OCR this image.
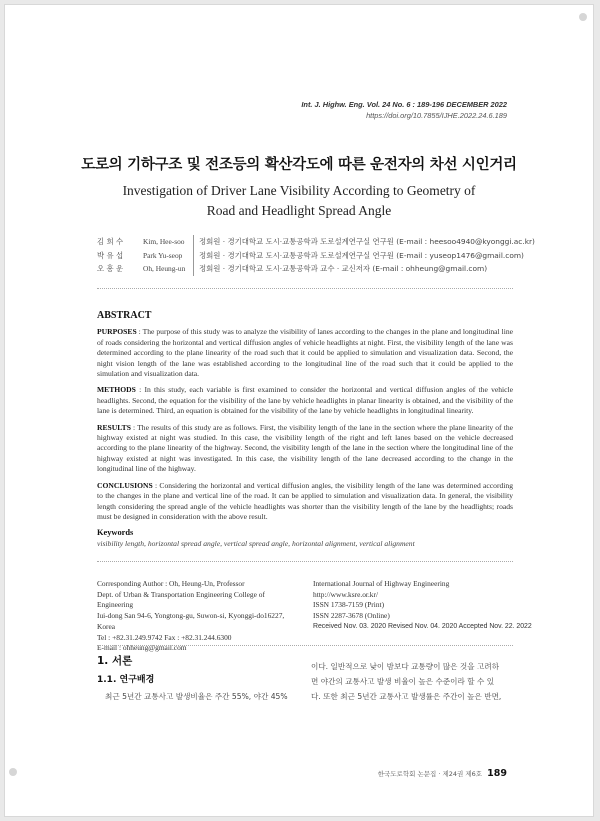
Int. J. Highw. Eng. Vol. 24 No. 6 : 189-196 DECEMBER 2022
https://doi.org/10.7855/IJHE.2022.24.6.189
도로의 기하구조 및 전조등의 확산각도에 따른 운전자의 차선 시인거리
Investigation of Driver Lane Visibility According to Geometry of
Road and Headlight Spread Angle
김 희 수	Kim, Hee-soo	정회원 · 경기대학교 도시·교통공학과 도로설계연구실 연구원 (E-mail : heesoo4940@kyonggi.ac.kr)
박 유 섭	Park Yu-seop	정회원 · 경기대학교 도시·교통공학과 도로설계연구실 연구원 (E-mail : yuseop1476@gmail.com)
오 흥 운	Oh, Heung-un	정회원 · 경기대학교 도시·교통공학과 교수 · 교신저자 (E-mail : ohheung@gmail.com)
ABSTRACT

PURPOSES : The purpose of this study was to analyze the visibility of lanes according to the changes in the plane and longitudinal line of roads considering the horizontal and vertical diffusion angles of vehicle headlights at night. First, the visibility length of the lane was determined according to the plane linearity of the road such that it could be applied to simulation and visualization data. Second, the night vision length of the lane was established according to the longitudinal line of the road such that it could be applied to the simulation and visualization data.

METHODS : In this study, each variable is first examined to consider the horizontal and vertical diffusion angles of the vehicle headlights. Second, the equation for the visibility of the lane by vehicle headlights in planar linearity is obtained, and the visibility of the lane is determined. Third, an equation is obtained for the visibility of the lane by vehicle headlights in longitudinal linearity.

RESULTS : The results of this study are as follows. First, the visibility length of the lane in the section where the plane linearity of the highway existed at night was studied. In this case, the visibility length of the right and left lanes based on the vehicle decreased according to the plane linearity of the highway. Second, the visibility length of the lane in the section where the longitudinal line of the highway existed at night was investigated. In this case, the visibility length of the lane decreased according to the change in the longitudinal line of the highway.

CONCLUSIONS : Considering the horizontal and vertical diffusion angles, the visibility length of the lane was determined according to the changes in the plane and vertical line of the road. It can be applied to simulation and visualization data. In general, the visibility length considering the spread angle of the vehicle headlights was shorter than the visibility length of the lane by the headlights; roads must be designed in consideration with the above result.

Keywords
visibility length, horizontal spread angle, vertical spread angle, horizontal alignment, vertical alignment
Corresponding Author : Oh, Heung-Un, Professor
Dept. of Urban & Transportation Engineering College of Engineering
Iui-dong San 94-6, Yongtong-gu, Suwon-si, Kyonggi-do16227, Korea
Tel : +82.31.249.9742 Fax : +82.31.244.6300
E-mail : ohheung@gmail.com
International Journal of Highway Engineering
http://www.ksre.or.kr/
ISSN 1738-7159 (Print)
ISSN 2287-3678 (Online)
Received Nov. 03. 2020 Revised Nov. 04. 2020 Accepted Nov. 22. 2022
1. 서론
1.1. 연구배경
최근 5년간 교통사고 발생비율은 주간 55%, 야간 45%
이다. 일반적으로 낮이 밤보다 교통량이 많은 것을 고려하
면 야간의 교통사고 발생 비율이 높은 수준이라 할 수 있
다. 또한 최근 5년간 교통사고 발생률은 주간이 높은 반면,
한국도로학회 논문집 · 제24권 제6호 189
